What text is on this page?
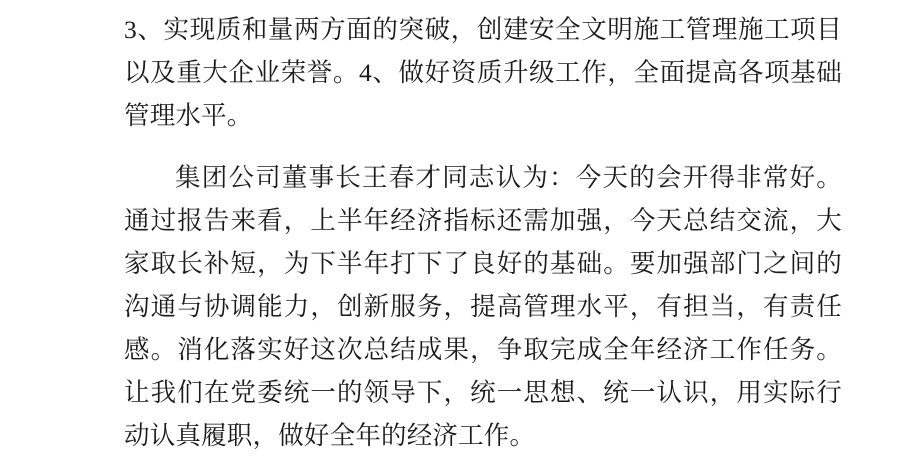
3、实现质和量两方面的突破，创建安全文明施工管理施工项目以及重大企业荣誉。4、做好资质升级工作，全面提高各项基础管理水平。

集团公司董事长王春才同志认为：今天的会开得非常好。通过报告来看，上半年经济指标还需加强，今天总结交流，大家取长补短，为下半年打下了良好的基础。要加强部门之间的沟通与协调能力，创新服务，提高管理水平，有担当，有责任感。消化落实好这次总结成果，争取完成全年经济工作任务。让我们在党委统一的领导下，统一思想、统一认识，用实际行动认真履职，做好全年的经济工作。
